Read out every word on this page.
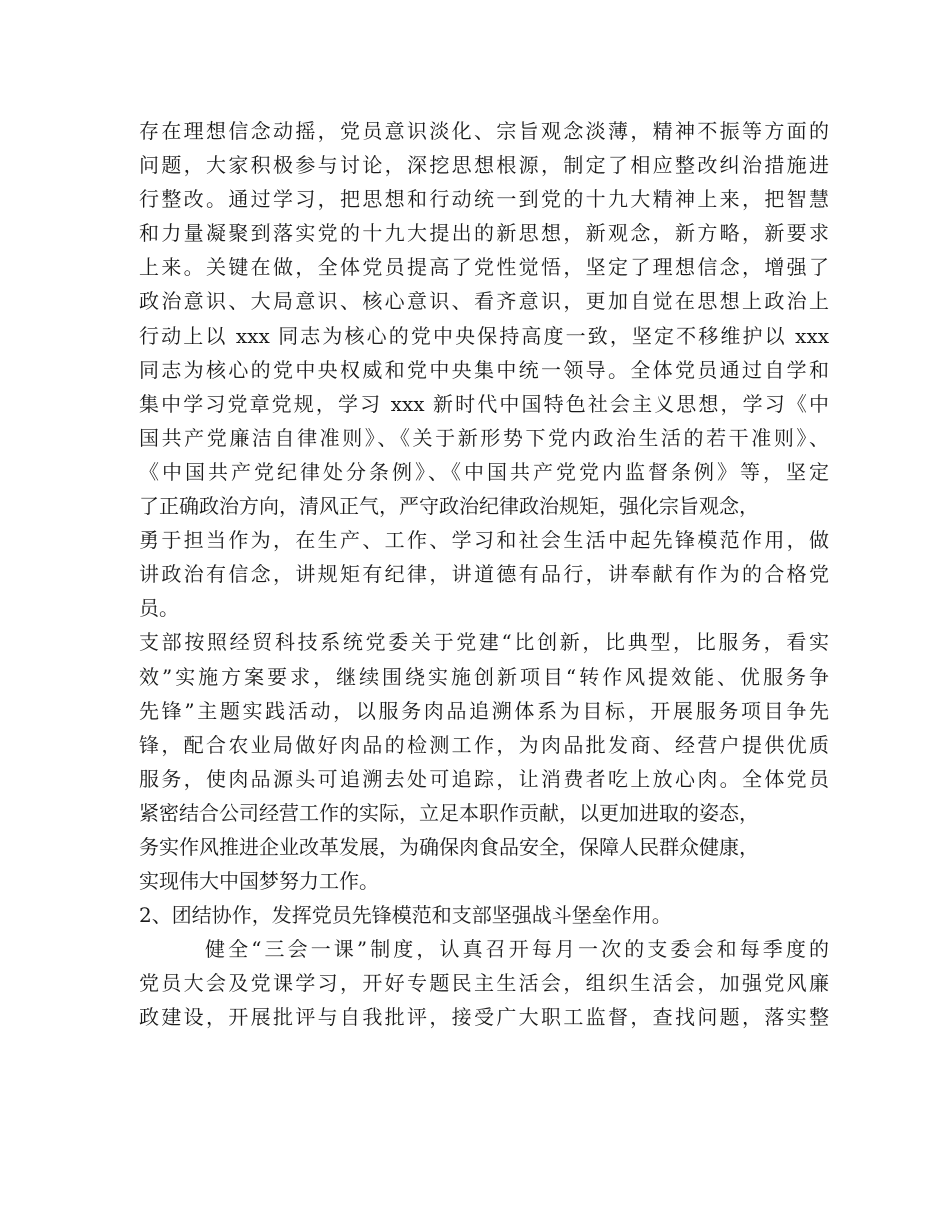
存在理想信念动摇，党员意识淡化、宗旨观念淡薄，精神不振等方面的
问题，大家积极参与讨论，深挖思想根源，制定了相应整改纠治措施进
行整改。通过学习，把思想和行动统一到党的十九大精神上来，把智慧
和力量凝聚到落实党的十九大提出的新思想，新观念，新方略，新要求
上来。关键在做，全体党员提高了党性觉悟，坚定了理想信念，增强了
政治意识、大局意识、核心意识、看齐意识，更加自觉在思想上政治上
行动上以 xxx 同志为核心的党中央保持高度一致，坚定不移维护以 xxx
同志为核心的党中央权威和党中央集中统一领导。全体党员通过自学和
集中学习党章党规，学习 xxx 新时代中国特色社会主义思想，学习《中
国共产党廉洁自律准则》、《关于新形势下党内政治生活的若干准则》、
《中国共产党纪律处分条例》、《中国共产党党内监督条例》等，坚定
了正确政治方向，清风正气，严守政治纪律政治规矩，强化宗旨观念，
勇于担当作为，在生产、工作、学习和社会生活中起先锋模范作用，做
讲政治有信念，讲规矩有纪律，讲道德有品行，讲奉献有作为的合格党
员。
支部按照经贸科技系统党委关于党建“比创新，比典型，比服务，看实
效”实施方案要求，继续围绕实施创新项目“转作风提效能、优服务争
先锋”主题实践活动，以服务肉品追溯体系为目标，开展服务项目争先
锋，配合农业局做好肉品的检测工作，为肉品批发商、经营户提供优质
服务，使肉品源头可追溯去处可追踪，让消费者吃上放心肉。全体党员
紧密结合公司经营工作的实际，立足本职作贡献，以更加进取的姿态，
务实作风推进企业改革发展，为确保肉食品安全，保障人民群众健康，
实现伟大中国梦努力工作。
2、团结协作，发挥党员先锋模范和支部坚强战斗堡垒作用。
健全“三会一课”制度，认真召开每月一次的支委会和每季度的
党员大会及党课学习，开好专题民主生活会，组织生活会，加强党风廉
政建设，开展批评与自我批评，接受广大职工监督，查找问题，落实整
